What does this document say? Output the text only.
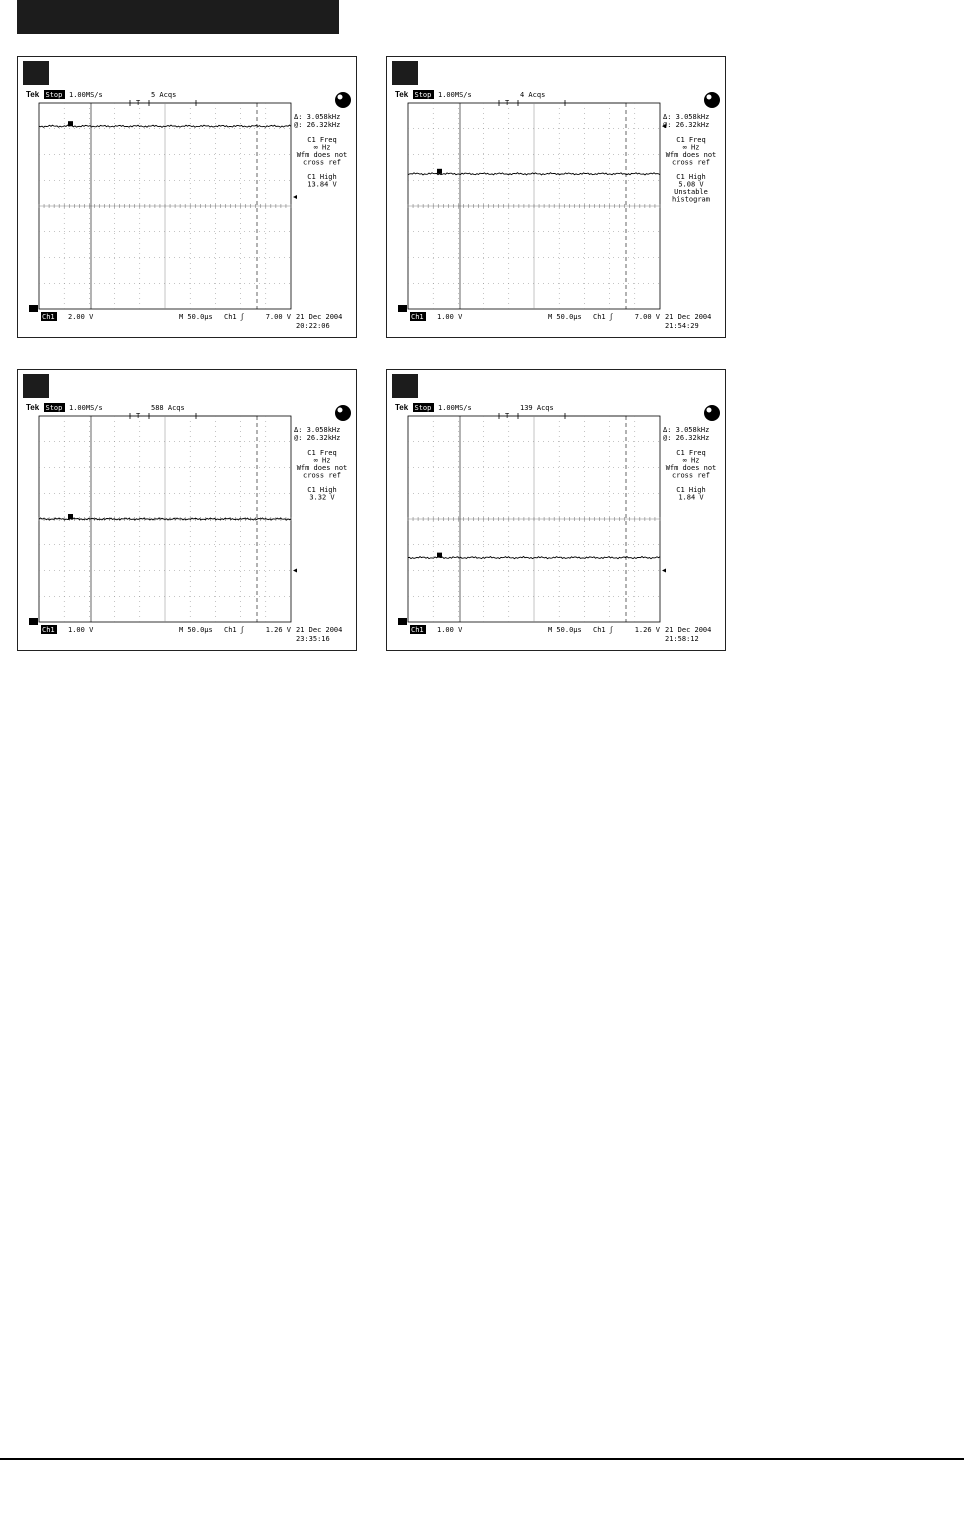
Tek Stop 1.00MS/s	5 Acqs
T
Δ: 3.058kHz
@: 26.32kHz
C1 Freq
∞ Hz
Wfm does not
cross ref
C1 High
13.84 V
Ch1 2.00 V	M 50.0µs Ch1 ʃ	7.00 V 21 Dec 2004
20:22:06
Tek Stop 1.00MS/s	4 Acqs
T
Δ: 3.058kHz
@: 26.32kHz
C1 Freq
∞ Hz
Wfm does not
cross ref
C1 High
5.08 V
Unstable
histogram
Ch1 1.00 V	M 50.0µs Ch1 ʃ	7.00 V 21 Dec 2004
21:54:29
Tek Stop 1.00MS/s	588 Acqs
T
Δ: 3.058kHz
@: 26.32kHz
C1 Freq
∞ Hz
Wfm does not
cross ref
C1 High
3.32 V
Ch1 1.00 V	M 50.0µs Ch1 ʃ	1.26 V 21 Dec 2004
23:35:16
Tek Stop 1.00MS/s	139 Acqs
T
Δ: 3.058kHz
@: 26.32kHz
C1 Freq
∞ Hz
Wfm does not
cross ref
C1 High
1.84 V
Ch1 1.00 V	M 50.0µs Ch1 ʃ	1.26 V 21 Dec 2004
21:58:12
